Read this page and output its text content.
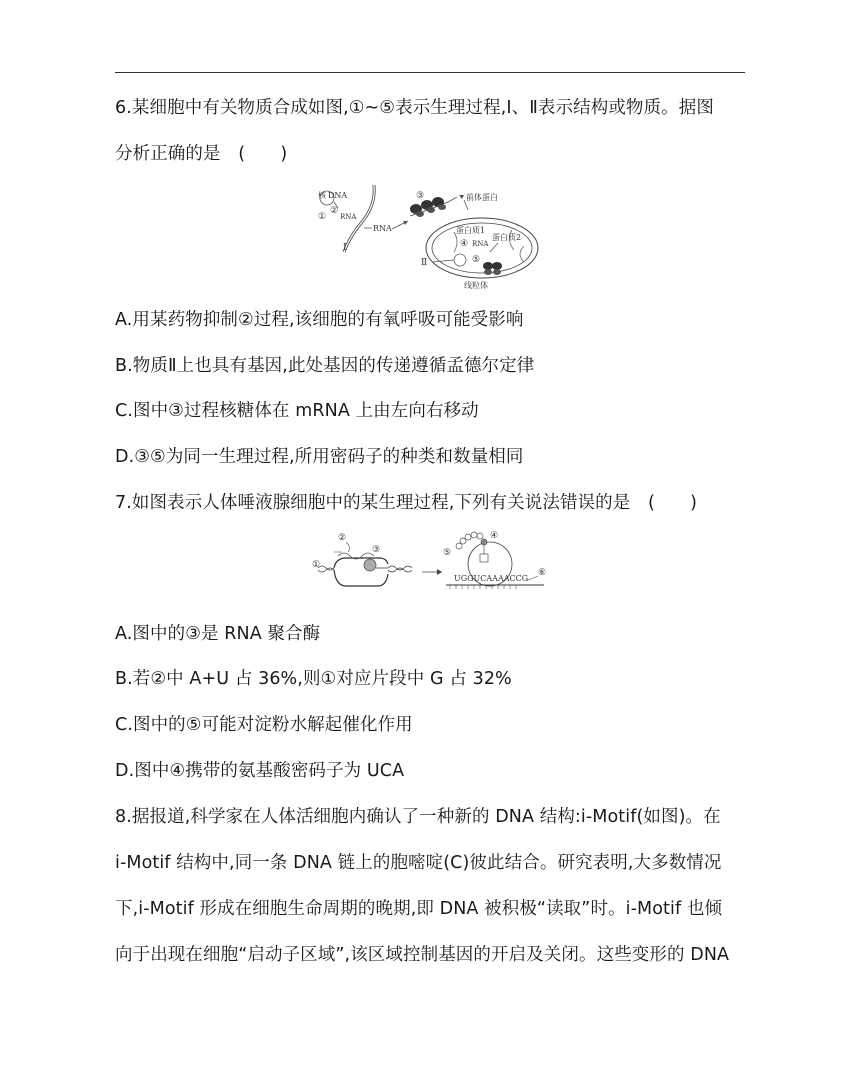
6.某细胞中有关物质合成如图,①~⑤表示生理过程,Ⅰ、Ⅱ表示结构或物质。据图
分析正确的是　(　　)
核 DNA
①
②
RNA
RNA
Ⅰ
③	前体蛋白
蛋白质1
④ RNA
蛋白质2
Ⅱ	⑤
线粒体
A.用某药物抑制②过程,该细胞的有氧呼吸可能受影响
B.物质Ⅱ上也具有基因,此处基因的传递遵循孟德尔定律
C.图中③过程核糖体在 mRNA 上由左向右移动
D.③⑤为同一生理过程,所用密码子的种类和数量相同
7.如图表示人体唾液腺细胞中的某生理过程,下列有关说法错误的是　(　　)
①
②
③
④
⑤
UGGUCAAAACCG
⑥
A.图中的③是 RNA 聚合酶
B.若②中 A+U 占 36%,则①对应片段中 G 占 32%
C.图中的⑤可能对淀粉水解起催化作用
D.图中④携带的氨基酸密码子为 UCA
8.据报道,科学家在人体活细胞内确认了一种新的 DNA 结构:i-Motif(如图)。在
i-Motif 结构中,同一条 DNA 链上的胞嘧啶(C)彼此结合。研究表明,大多数情况
下,i-Motif 形成在细胞生命周期的晚期,即 DNA 被积极“读取”时。i-Motif 也倾
向于出现在细胞“启动子区域”,该区域控制基因的开启及关闭。这些变形的 DNA
